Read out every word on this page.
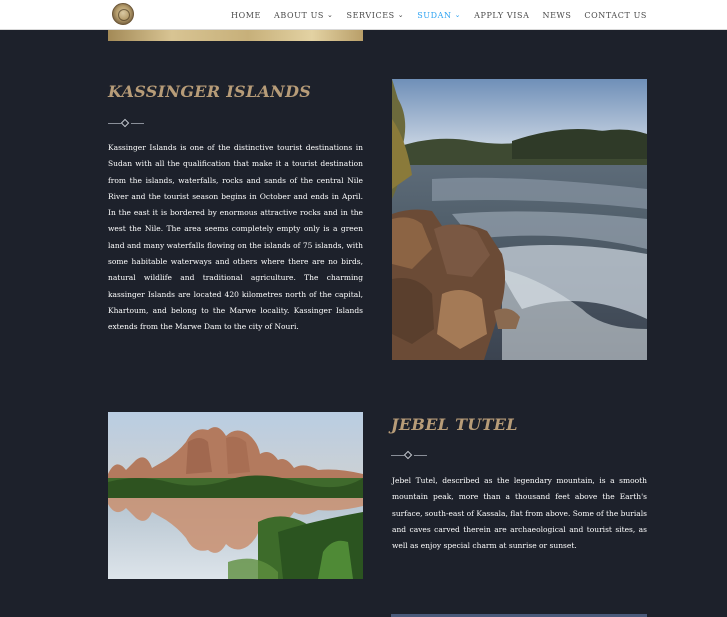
HOME ABOUT US ⌄ SERVICES ⌄ SUDAN ⌄ APPLY VISA NEWS CONTACT US
KASSINGER ISLANDS

Kassinger Islands is one of the distinctive tourist destinations in Sudan with all the qualification that make it a tourist destination from the islands, waterfalls, rocks and sands of the central Nile River and the tourist season begins in October and ends in April. In the east it is bordered by enormous attractive rocks and in the west the Nile. The area seems completely empty only is a green land and many waterfalls flowing on the islands of 75 islands, with some habitable waterways and others where there are no birds, natural wildlife and traditional agriculture. The charming kassinger Islands are located 420 kilometres north of the capital, Khartoum, and belong to the Marwe locality. Kassinger Islands extends from the Marwe Dam to the city of Nouri.

JEBEL TUTEL

Jebel Tutel, described as the legendary mountain, is a smooth mountain peak, more than a thousand feet above the Earth's surface, south-east of Kassala, flat from above. Some of the burials and caves carved therein are archaeological and tourist sites, as well as enjoy special charm at sunrise or sunset.
